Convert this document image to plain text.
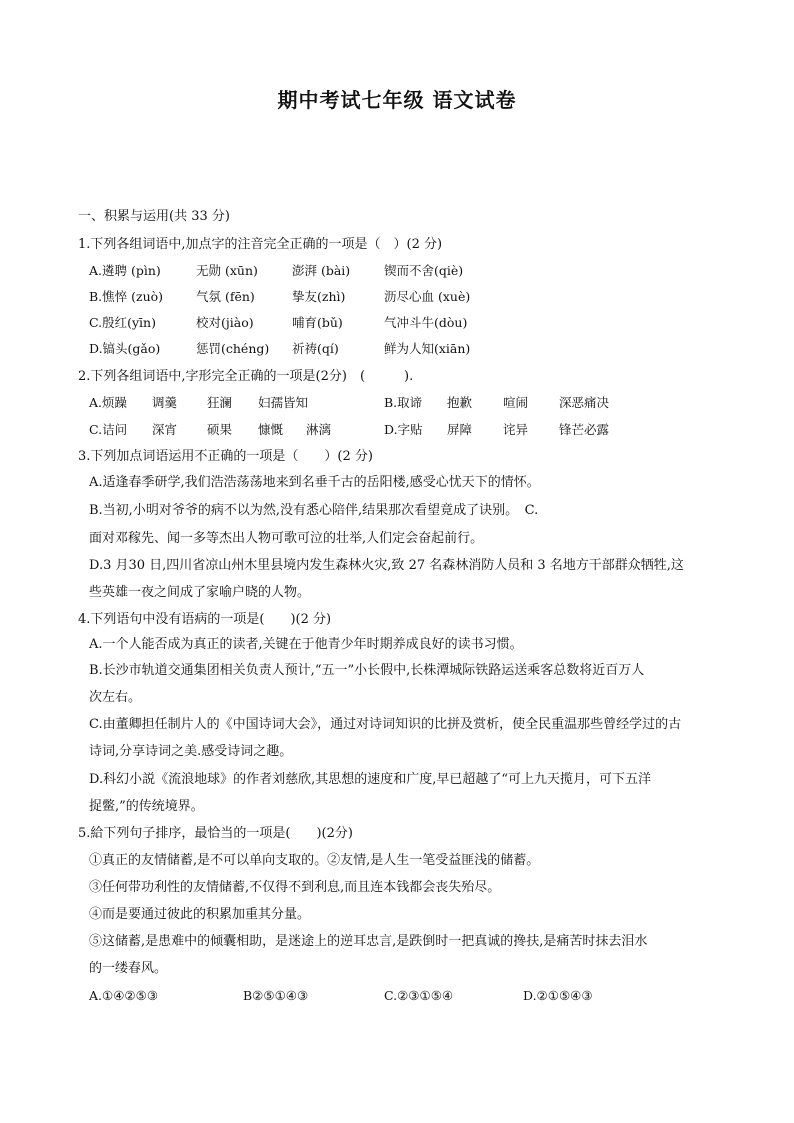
期中考试七年级 语文试卷
一、积累与运用(共 33 分)
1.下列各组词语中,加点字的注音完全正确的一项是（　）(2 分)
A.遴聘 (pìn)	无勋 (xūn)	澎湃 (bài)	锲而不舍(qiè)
B.憔悴 (zuò)	气氛 (fēn)	挚友(zhì)	沥尽心血 (xuè)
C.殷红(yīn)	校对(jiào)	哺育(bǔ)	气冲斗牛(dòu)
D.镐头(gǎo)	惩罚(chéng) 祈祷(qí)	鲜为人知(xiān)
2.下列各组词语中,字形完全正确的一项是(2分)　(　　　).
A.烦躁 调羹 狂澜 妇孺皆知	B.取谛 抱歉 喧闹 深恶痛决
C.诘问 深宵 硕果 慷慨 淋漓	D.字贴 屏障 诧异 锋芒必露
3.下列加点词语运用不正确的一项是（　　）(2 分)
A.适逢春季研学,我们浩浩荡荡地来到名垂千古的岳阳楼,感受心忧天下的情怀。
B.当初,小明对爷爷的病不以为然,没有悉心陪伴,结果那次看望竟成了诀别。　C.
面对邓稼先、闻一多等杰出人物可歌可泣的壮举,人们定会奋起前行。
D.3 月30 日,四川省凉山州木里县境内发生森林火灾,致 27 名森林消防人员和 3 名地方干部群众牺牲,这
些英雄一夜之间成了家喻户晓的人物。
4.下列语句中没有语病的一项是(　　)(2 分)
A.一个人能否成为真正的读者,关键在于他青少年时期养成良好的读书习惯。
B.长沙市轨道交通集团相关负责人预计,“五一”小长假中,长株潭城际铁路运送乘客总数将近百万人
次左右。
C.由董卿担任制片人的《中国诗词大会》，通过对诗词知识的比拼及赏析，使全民重温那些曾经学过的古
诗词,分享诗词之美.感受诗词之趣。
D.科幻小説《流浪地球》的作者刘慈欣,其思想的速度和广度,早已超越了“可上九天揽月，可下五洋
捉鳖,”的传统境界。
5.給下列句子排序，最恰当的一项是(　　)(2分)
①真正的友情储蓄,是不可以单向支取的。②友情,是人生一笔受益匪浅的储蓄。
③任何带功利性的友情储蓄,不仅得不到利息,而且连本钱都会丧失殆尽。
④而是要通过彼此的积累加重其分量。
⑤这储蓄,是患难中的倾囊相助，是迷途上的逆耳忠言,是跌倒时一把真诚的搀扶,是痛苦时抹去泪水
的一缕春风。
A.①④②⑤③	B②⑤①④③	C.②③①⑤④	D.②①⑤④③
